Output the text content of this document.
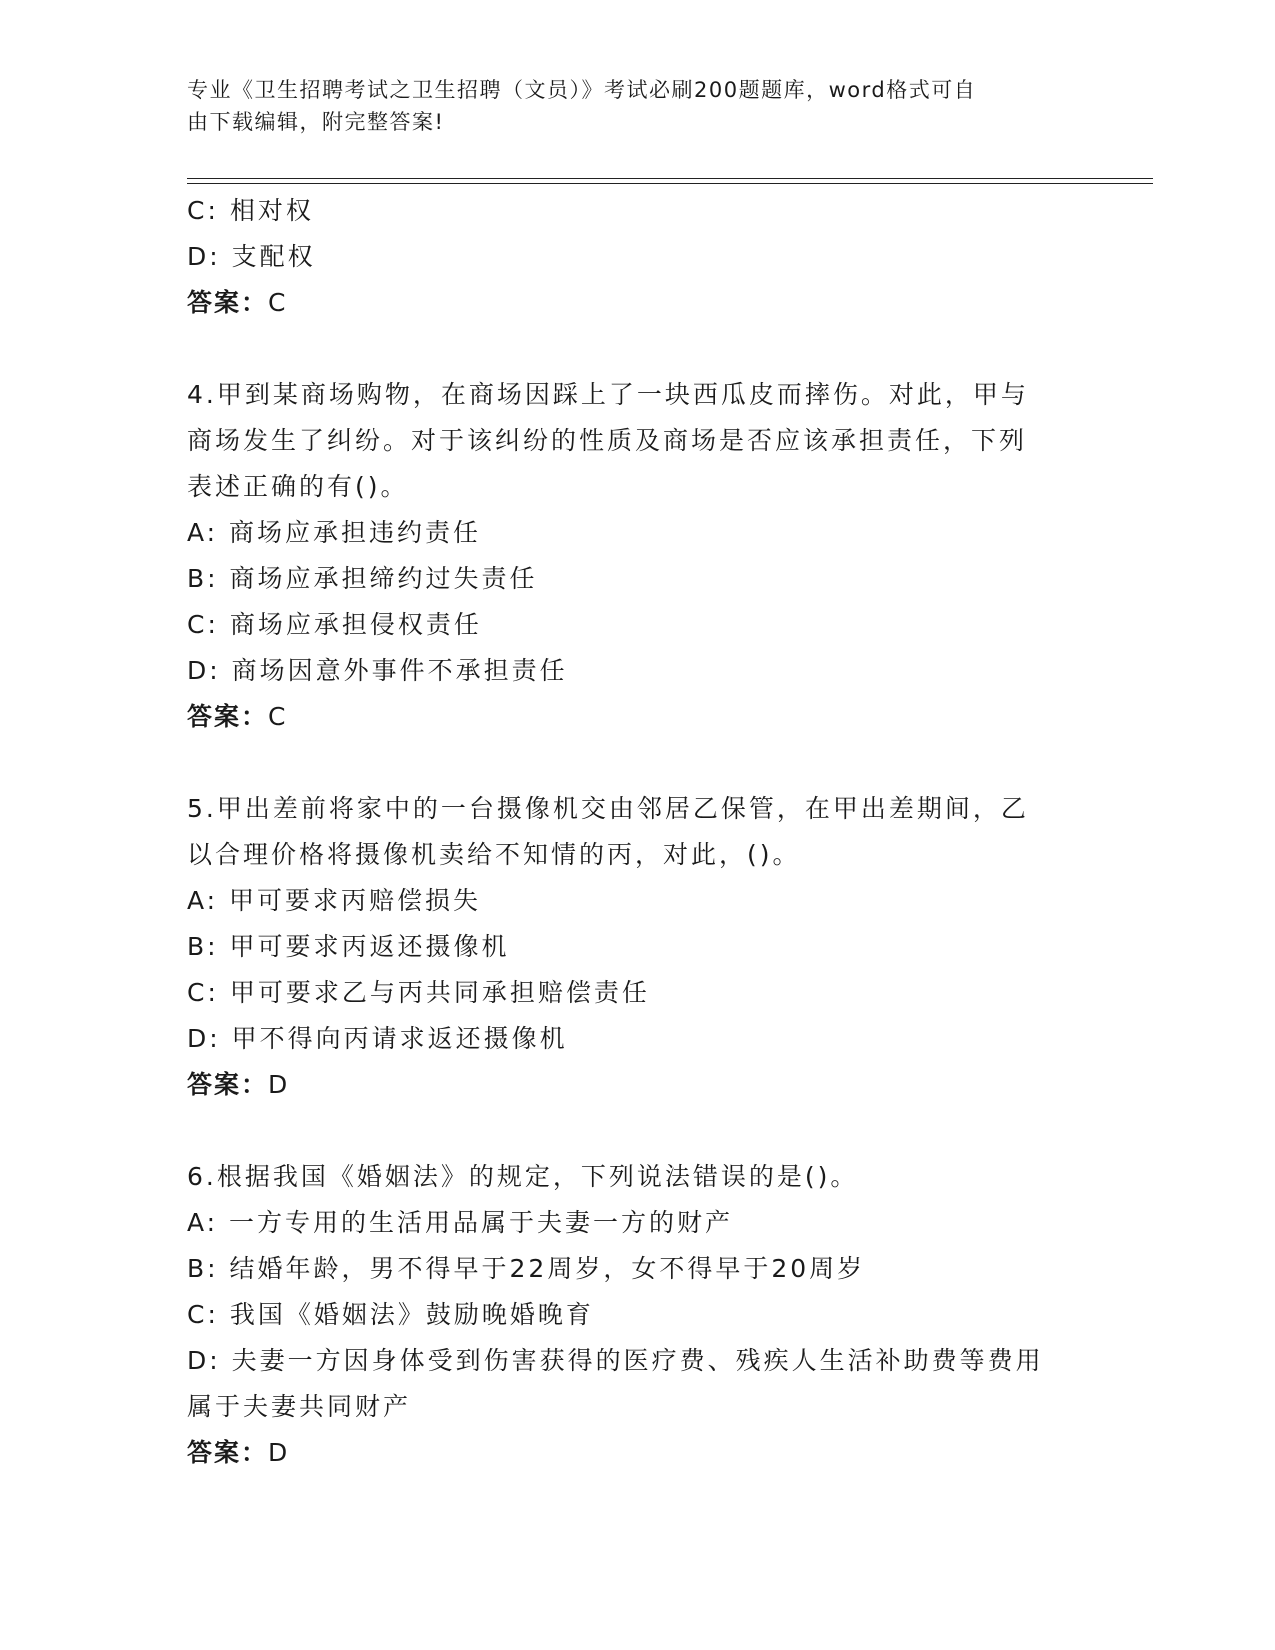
专业《卫生招聘考试之卫生招聘（文员）》考试必刷200题题库，word格式可自
由下载编辑，附完整答案!

C: 相对权

D: 支配权

答案：C

4.甲到某商场购物，在商场因踩上了一块西瓜皮而摔伤。对此，甲与

商场发生了纠纷。对于该纠纷的性质及商场是否应该承担责任，下列

表述正确的有()。

A: 商场应承担违约责任

B: 商场应承担缔约过失责任

C: 商场应承担侵权责任

D: 商场因意外事件不承担责任

答案：C

5.甲出差前将家中的一台摄像机交由邻居乙保管，在甲出差期间，乙

以合理价格将摄像机卖给不知情的丙，对此，()。

A: 甲可要求丙赔偿损失

B: 甲可要求丙返还摄像机

C: 甲可要求乙与丙共同承担赔偿责任

D: 甲不得向丙请求返还摄像机

答案：D

6.根据我国《婚姻法》的规定，下列说法错误的是()。

A: 一方专用的生活用品属于夫妻一方的财产

B: 结婚年龄，男不得早于22周岁，女不得早于20周岁

C: 我国《婚姻法》鼓励晚婚晚育

D: 夫妻一方因身体受到伤害获得的医疗费、残疾人生活补助费等费用

属于夫妻共同财产

答案：D
